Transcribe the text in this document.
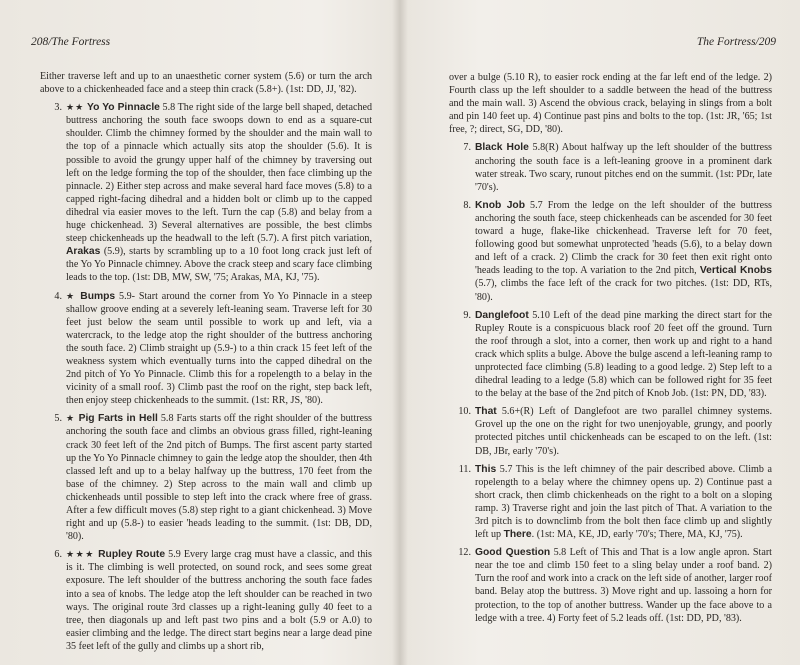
208/The Fortress

Either traverse left and up to an unaesthetic corner system (5.6) or turn the arch above to a chickenheaded face and a steep thin crack (5.8+). (1st: DD, JJ, '82).

3. ★★ Yo Yo Pinnacle 5.8 The right side of the large bell shaped, detached buttress anchoring the south face swoops down to end as a square-cut shoulder. Climb the chimney formed by the shoulder and the main wall to the top of a pinnacle which actually sits atop the shoulder (5.6). It is possible to avoid the grungy upper half of the chimney by traversing out left on the ledge forming the top of the shoulder, then face climbing up the pinnacle. 2) Either step across and make several hard face moves (5.8) to a capped right-facing dihedral and a hidden bolt or climb up to the capped dihedral via easier moves to the left. Turn the cap (5.8) and belay from a huge chickenhead. 3) Several alternatives are possible, the best climbs steep chickenheads up the headwall to the left (5.7). A first pitch variation, Arakas (5.9), starts by scrambling up to a 10 foot long crack just left of the Yo Yo Pinnacle chimney. Above the crack steep and scary face climbing leads to the top. (1st: DB, MW, SW, '75; Arakas, MA, KJ, '75).
4. ★ Bumps 5.9- Start around the corner from Yo Yo Pinnacle in a steep shallow groove ending at a severely left-leaning seam. Traverse left for 30 feet just below the seam until possible to work up and left, via a watercrack, to the ledge atop the right shoulder of the buttress anchoring the south face. 2) Climb straight up (5.9-) to a thin crack 15 feet left of the weakness system which eventually turns into the capped dihedral on the 2nd pitch of Yo Yo Pinnacle. Climb this for a ropelength to a belay in the vicinity of a small roof. 3) Climb past the roof on the right, step back left, then enjoy steep chickenheads to the summit. (1st: RR, JS, '80).
5. ★ Pig Farts in Hell 5.8 Farts starts off the right shoulder of the buttress anchoring the south face and climbs an obvious grass filled, right-leaning crack 30 feet left of the 2nd pitch of Bumps. The first ascent party started up the Yo Yo Pinnacle chimney to gain the ledge atop the shoulder, then 4th classed left and up to a belay halfway up the buttress, 170 feet from the base of the chimney. 2) Step across to the main wall and climb up chickenheads until possible to step left into the crack where free of grass. After a few difficult moves (5.8) step right to a giant chickenhead. 3) Move right and up (5.8-) to easier 'heads leading to the summit. (1st: DB, DD, '80).
6. ★★★ Rupley Route 5.9 Every large crag must have a classic, and this is it. The climbing is well protected, on sound rock, and sees some great exposure. The left shoulder of the buttress anchoring the south face fades into a sea of knobs. The ledge atop the left shoulder can be reached in two ways. The original route 3rd classes up a right-leaning gully 40 feet to a tree, then diagonals up and left past two pins and a bolt (5.9 or A.0) to easier climbing and the ledge. The direct start begins near a large dead pine 35 feet left of the gully and climbs up a short rib,
The Fortress/209

over a bulge (5.10 R), to easier rock ending at the far left end of the ledge. 2) Fourth class up the left shoulder to a saddle between the head of the buttress and the main wall. 3) Ascend the obvious crack, belaying in slings from a bolt and pin 140 feet up. 4) Continue past pins and bolts to the top. (1st: JR, '65; 1st free, ?; direct, SG, DD, '80).

7. Black Hole 5.8(R) About halfway up the left shoulder of the buttress anchoring the south face is a left-leaning groove in a prominent dark water streak. Two scary, runout pitches end on the summit. (1st: PDr, late '70's).
8. Knob Job 5.7 From the ledge on the left shoulder of the buttress anchoring the south face, steep chickenheads can be ascended for 30 feet toward a huge, flake-like chickenhead. Traverse left for 70 feet, following good but somewhat unprotected 'heads (5.6), to a belay down and left of a crack. 2) Climb the crack for 30 feet then exit right onto 'heads leading to the top. A variation to the 2nd pitch, Vertical Knobs (5.7), climbs the face left of the crack for two pitches. (1st: DD, RTs, '80).
9. Danglefoot 5.10 Left of the dead pine marking the direct start for the Rupley Route is a conspicuous black roof 20 feet off the ground. Turn the roof through a slot, into a corner, then work up and right to a hand crack which splits a bulge. Above the bulge ascend a left-leaning ramp to unprotected face climbing (5.8) leading to a good ledge. 2) Step left to a dihedral leading to a ledge (5.8) which can be followed right for 35 feet to the belay at the base of the 2nd pitch of Knob Job. (1st: PN, DD, '83).
10. That 5.6+(R) Left of Danglefoot are two parallel chimney systems. Grovel up the one on the right for two unenjoyable, grungy, and poorly protected pitches until chickenheads can be escaped to on the left. (1st: DB, JBr, early '70's).
11. This 5.7 This is the left chimney of the pair described above. Climb a ropelength to a belay where the chimney opens up. 2) Continue past a short crack, then climb chickenheads on the right to a bolt on a sloping ramp. 3) Traverse right and join the last pitch of That. A variation to the 3rd pitch is to downclimb from the bolt then face climb up and slightly left up There. (1st: MA, KE, JD, early '70's; There, MA, KJ, '75).
12. Good Question 5.8 Left of This and That is a low angle apron. Start near the toe and climb 150 feet to a sling belay under a roof band. 2) Turn the roof and work into a crack on the left side of another, larger roof band. Belay atop the buttress. 3) Move right and up. lassoing a horn for protection, to the top of another buttress. Wander up the face above to a ledge with a tree. 4) Forty feet of 5.2 leads off. (1st: DD, PD, '83).
